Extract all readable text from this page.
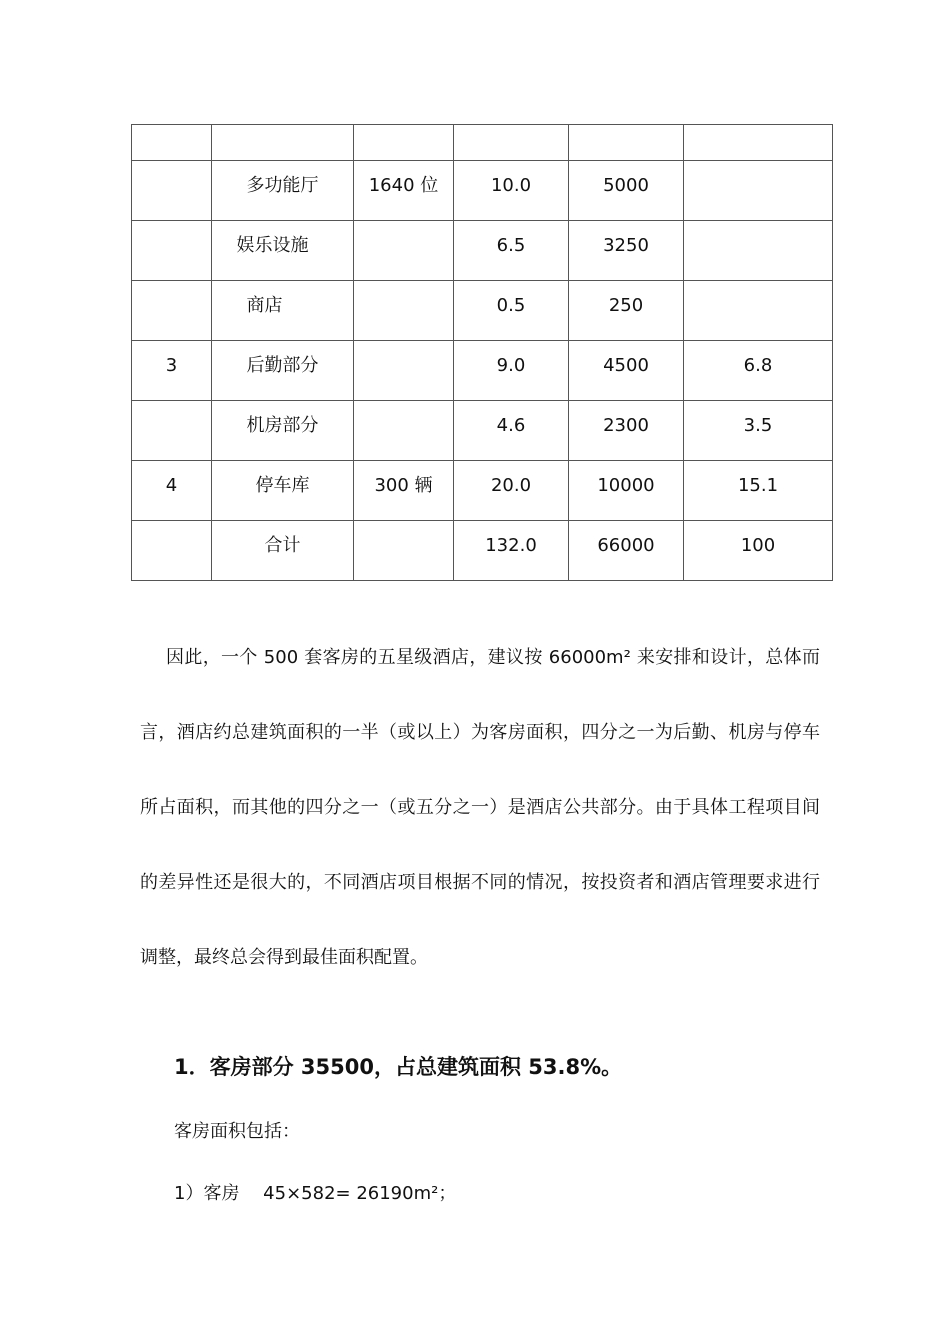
	多功能厅	1640 位	10.0	5000	
	娱乐设施		6.5	3250	
	商店		0.5	250	
3	后勤部分		9.0	4500	6.8
	机房部分		4.6	2300	3.5
4	停车库	300 辆	20.0	10000	15.1
	合计		132.0	66000	100

因此，一个 500 套客房的五星级酒店，建议按 66000m² 来安排和设计，总体而言，酒店约总建筑面积的一半（或以上）为客房面积，四分之一为后勤、机房与停车所占面积，而其他的四分之一（或五分之一）是酒店公共部分。由于具体工程项目间的差异性还是很大的，不同酒店项目根据不同的情况，按投资者和酒店管理要求进行调整，最终总会得到最佳面积配置。

1．客房部分 35500，占总建筑面积 53.8%。

客房面积包括：

1）客房　 45×582= 26190m²；
